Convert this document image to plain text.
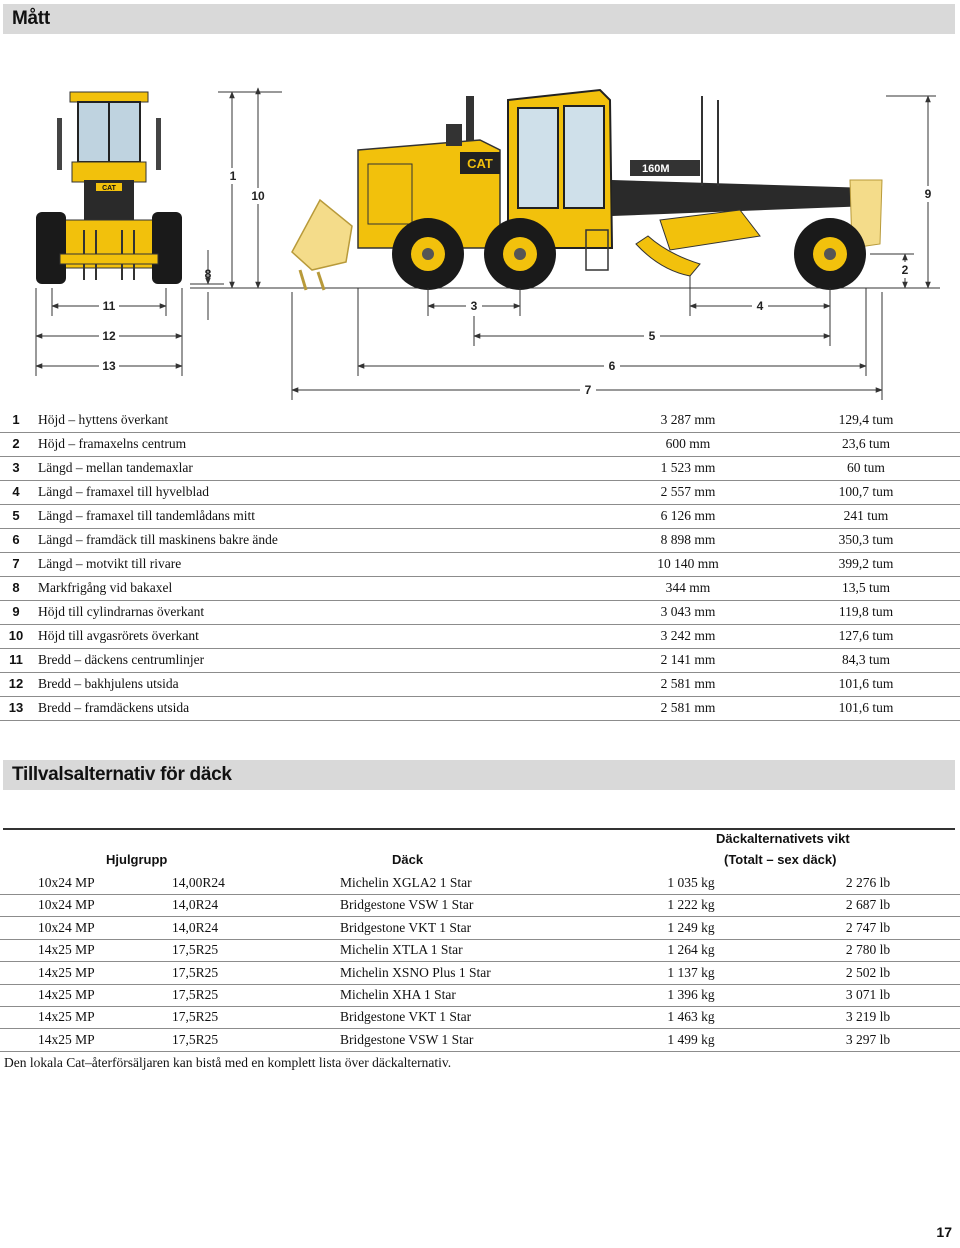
Mått
CAT
11
12
13
8
1
10
CAT	160M
3	4
5
6
7
9
2
1	Höjd – hyttens överkant	3 287 mm	129,4 tum
2	Höjd – framaxelns centrum	600 mm	23,6 tum
3	Längd – mellan tandemaxlar	1 523 mm	60 tum
4	Längd – framaxel till hyvelblad	2 557 mm	100,7 tum
5	Längd – framaxel till tandemlådans mitt	6 126 mm	241 tum
6	Längd – framdäck till maskinens bakre ände	8 898 mm	350,3 tum
7	Längd – motvikt till rivare	10 140 mm	399,2 tum
8	Markfrigång vid bakaxel	344 mm	13,5 tum
9	Höjd till cylindrarnas överkant	3 043 mm	119,8 tum
10 Höjd till avgasrörets överkant	3 242 mm	127,6 tum
11 Bredd – däckens centrumlinjer	2 141 mm	84,3 tum
12 Bredd – bakhjulens utsida	2 581 mm	101,6 tum
13 Bredd – framdäckens utsida	2 581 mm	101,6 tum
Tillvalsalternativ för däck
Däckalternativets vikt
Hjulgrupp	Däck	(Totalt – sex däck)
10x24 MP	14,00R24	Michelin XGLA2 1 Star	1 035 kg	2 276 lb
10x24 MP	14,0R24	Bridgestone VSW 1 Star	1 222 kg	2 687 lb
10x24 MP	14,0R24	Bridgestone VKT 1 Star	1 249 kg	2 747 lb
14x25 MP	17,5R25	Michelin XTLA 1 Star	1 264 kg	2 780 lb
14x25 MP	17,5R25	Michelin XSNO Plus 1 Star	1 137 kg	2 502 lb
14x25 MP	17,5R25	Michelin XHA 1 Star	1 396 kg	3 071 lb
14x25 MP	17,5R25	Bridgestone VKT 1 Star	1 463 kg	3 219 lb
14x25 MP	17,5R25	Bridgestone VSW 1 Star	1 499 kg	3 297 lb
Den lokala Cat–återförsäljaren kan bistå med en komplett lista över däckalternativ.
17
